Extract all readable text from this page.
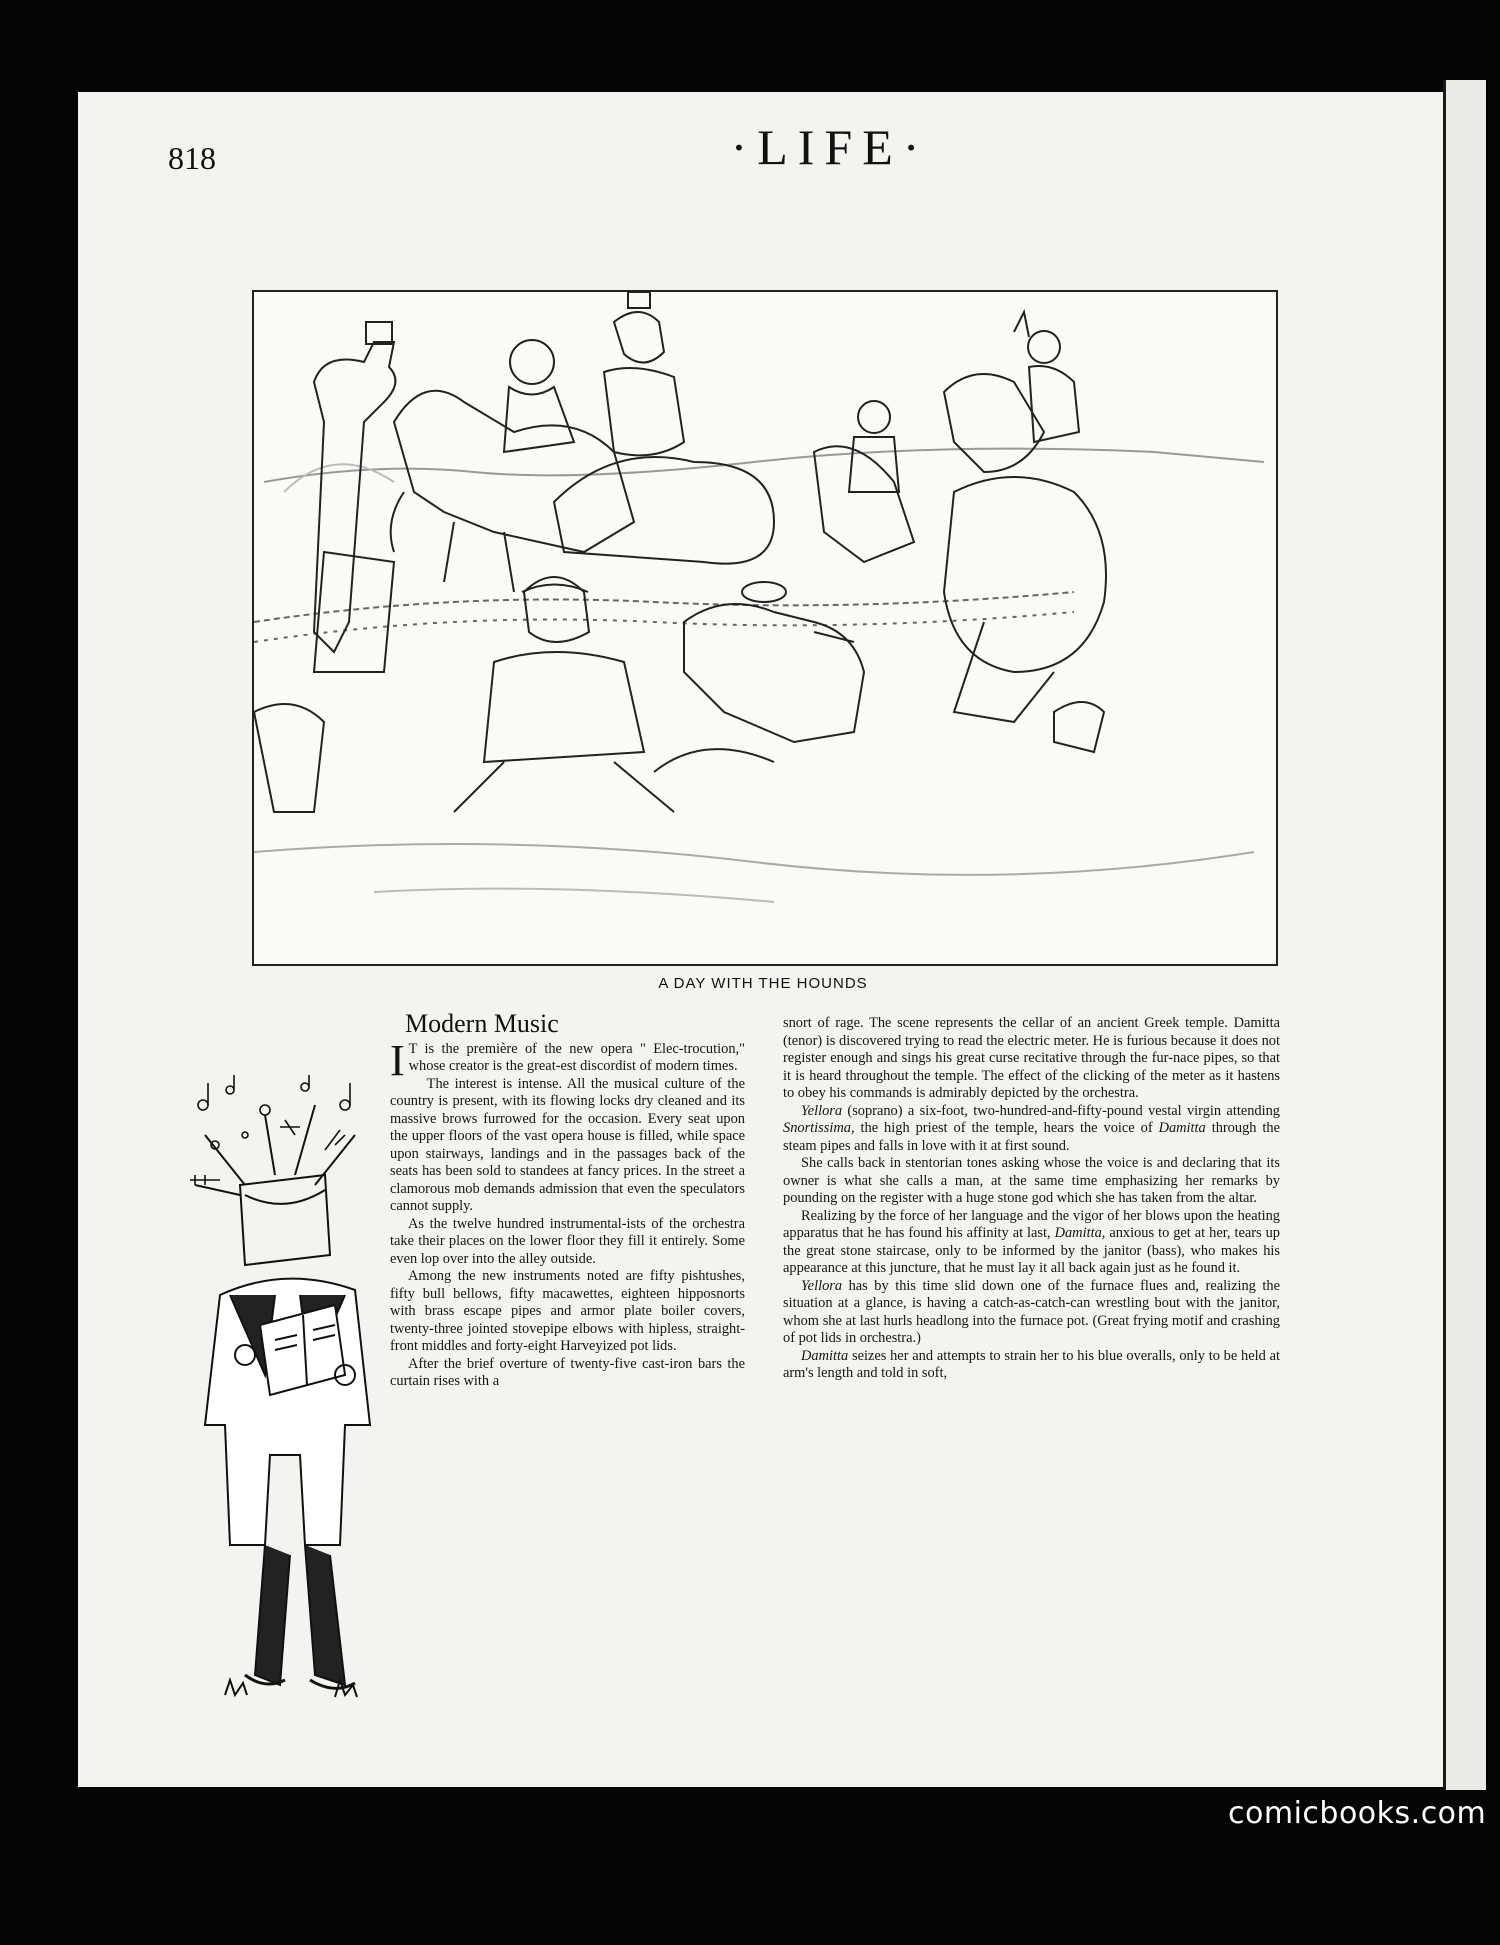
818	·LIFE·
A DAY WITH THE HOUNDS
Modern Music

I T is the première of the new opera " Elec-trocution," whose creator is the great-est discordist of modern times.

The interest is intense. All the musical culture of the country is present, with its flowing locks dry cleaned and its massive brows furrowed for the occasion. Every seat upon the upper floors of the vast opera house is filled, while space upon stairways, landings and in the passages back of the seats has been sold to standees at fancy prices. In the street a clamorous mob demands admission that even the speculators cannot supply.

As the twelve hundred instrumental-ists of the orchestra take their places on the lower floor they fill it entirely. Some even lop over into the alley outside.

Among the new instruments noted are fifty pishtushes, fifty bull bellows, fifty macawettes, eighteen hipposnorts with brass escape pipes and armor plate boiler covers, twenty-three jointed stovepipe elbows with hipless, straight-front middles and forty-eight Harveyized pot lids.

After the brief overture of twenty-five cast-iron bars the curtain rises with a

snort of rage. The scene represents the cellar of an ancient Greek temple. Damitta (tenor) is discovered trying to read the electric meter. He is furious because it does not register enough and sings his great curse recitative through the fur-nace pipes, so that it is heard throughout the temple. The effect of the clicking of the meter as it hastens to obey his commands is admirably depicted by the orchestra.

Yellora (soprano) a six-foot, two-hundred-and-fifty-pound vestal virgin attending Snortissima, the high priest of the temple, hears the voice of Damitta through the steam pipes and falls in love with it at first sound.

She calls back in stentorian tones asking whose the voice is and declaring that its owner is what she calls a man, at the same time emphasizing her remarks by pounding on the register with a huge stone god which she has taken from the altar.

Realizing by the force of her language and the vigor of her blows upon the heating apparatus that he has found his affinity at last, Damitta, anxious to get at her, tears up the great stone staircase, only to be informed by the janitor (bass), who makes his appearance at this juncture, that he must lay it all back again just as he found it.

Yellora has by this time slid down one of the furnace flues and, realizing the situation at a glance, is having a catch-as-catch-can wrestling bout with the janitor, whom she at last hurls headlong into the furnace pot. (Great frying motif and crashing of pot lids in orchestra.)

Damitta seizes her and attempts to strain her to his blue overalls, only to be held at arm's length and told in soft,

comicbooks.com
